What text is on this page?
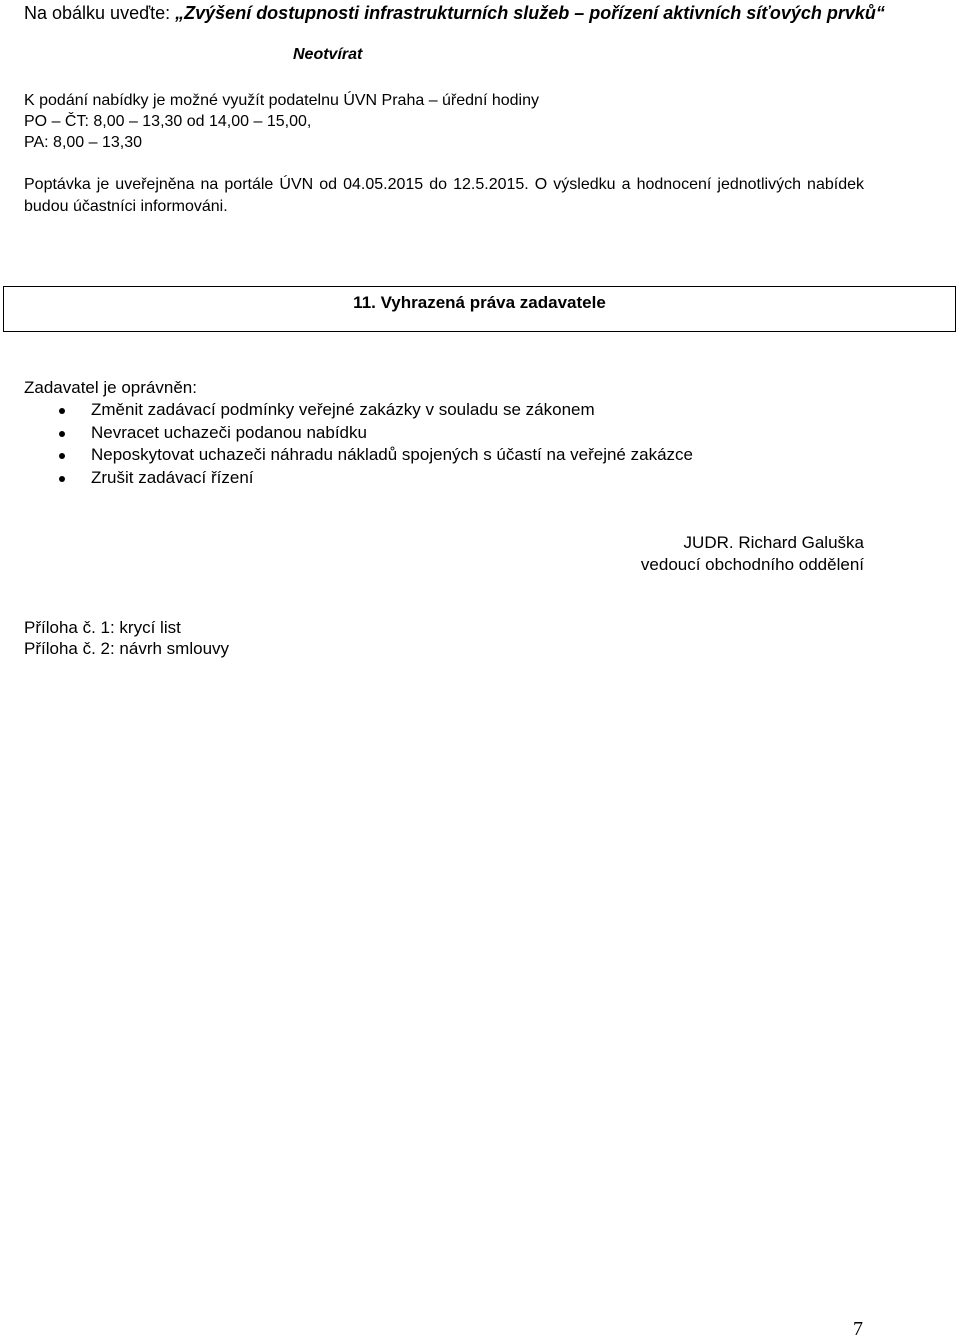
Na obálku uveďte: „Zvýšení dostupnosti infrastrukturních služeb – pořízení aktivních síťových prvků“
Neotvírat
K podání nabídky je možné využít podatelnu ÚVN Praha – úřední hodiny
PO – ČT: 8,00 – 13,30 od 14,00 – 15,00,
PA: 8,00 – 13,30
Poptávka je uveřejněna na portále ÚVN od 04.05.2015 do 12.5.2015. O výsledku a hodnocení jednotlivých nabídek budou účastníci informováni.
11. Vyhrazená práva zadavatele
Zadavatel je oprávněn:
Změnit zadávací podmínky veřejné zakázky v souladu se zákonem
Nevracet uchazeči podanou nabídku
Neposkytovat uchazeči náhradu nákladů spojených s účastí na veřejné zakázce
Zrušit zadávací řízení
JUDR. Richard Galuška
vedoucí obchodního oddělení
Příloha č. 1: krycí list
Příloha č. 2: návrh smlouvy
7
